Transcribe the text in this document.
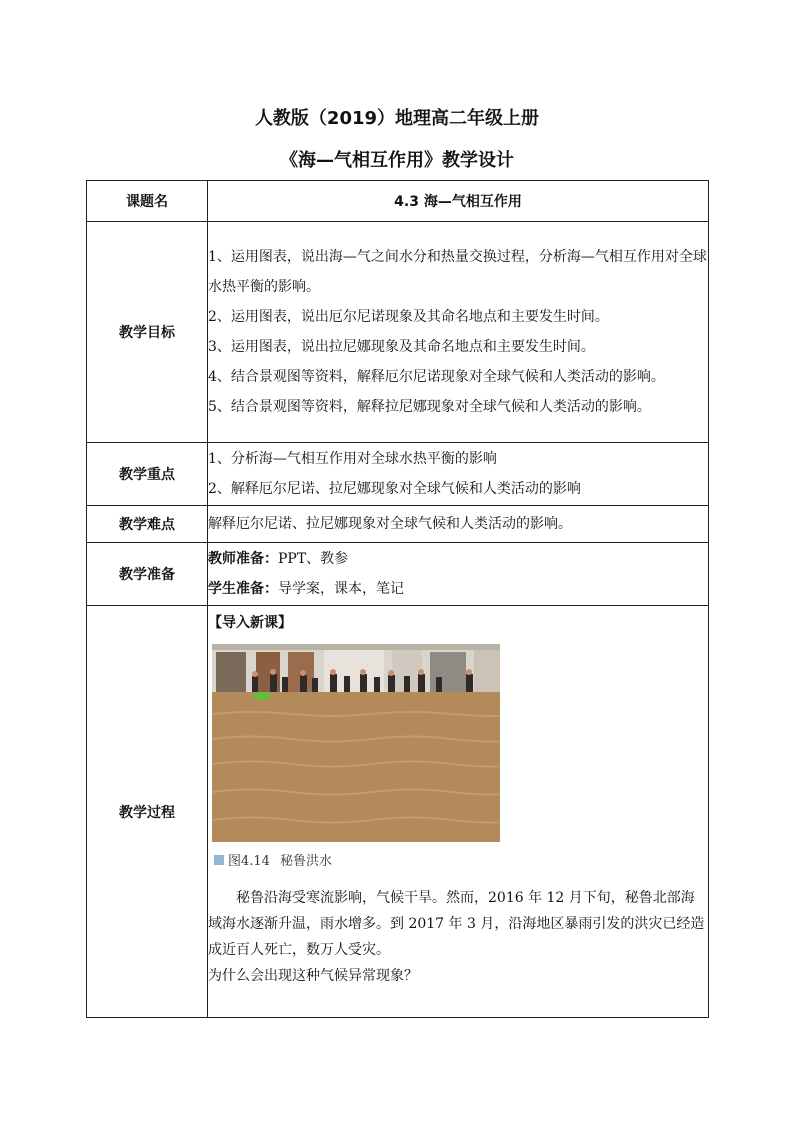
人教版（2019）地理高二年级上册
《海—气相互作用》教学设计
课题名	4.3 海—气相互作用
教学目标	1、运用图表，说出海—气之间水分和热量交换过程，分析海—气相互作用对全球水热平衡的影响。
2、运用图表，说出厄尔尼诺现象及其命名地点和主要发生时间。
3、运用图表，说出拉尼娜现象及其命名地点和主要发生时间。
4、结合景观图等资料，解释厄尔尼诺现象对全球气候和人类活动的影响。
5、结合景观图等资料，解释拉尼娜现象对全球气候和人类活动的影响。

教学重点	1、分析海—气相互作用对全球水热平衡的影响
2、解释厄尔尼诺、拉尼娜现象对全球气候和人类活动的影响

教学难点	解释厄尔尼诺、拉尼娜现象对全球气候和人类活动的影响。

教学准备	教师准备：PPT、教参
学生准备：导学案，课本，笔记

教学过程	【导入新课】
图4.14 秘鲁洪水
秘鲁沿海受寒流影响，气候干旱。然而，2016 年 12 月下旬，秘鲁北部海域海水逐渐升温，雨水增多。到 2017 年 3 月，沿海地区暴雨引发的洪灾已经造成近百人死亡，数万人受灾。
为什么会出现这种气候异常现象？
